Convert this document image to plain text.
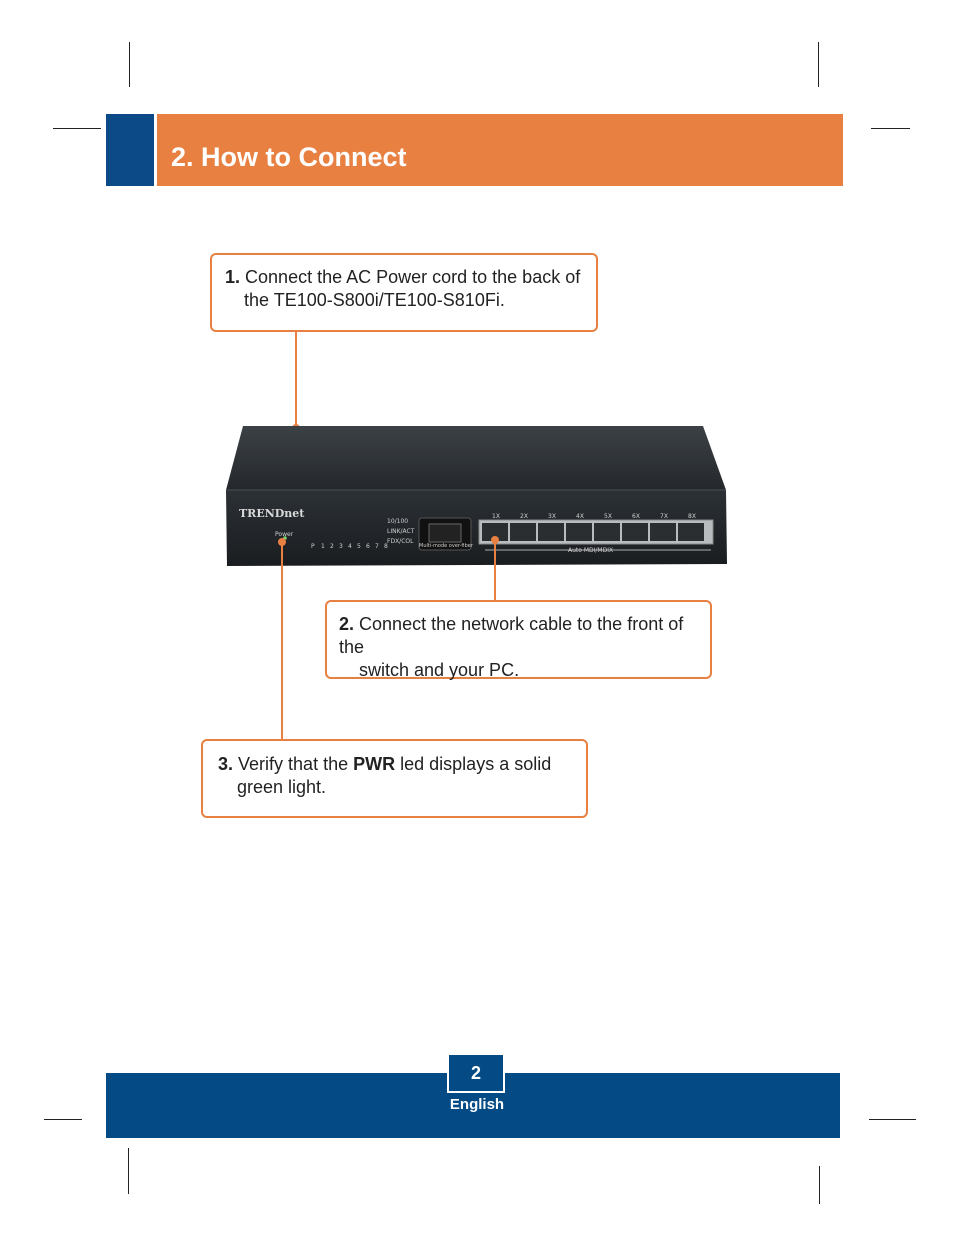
2. How to Connect

1. Connect the AC Power cord to the back of

the TE100-S800i/TE100-S810Fi.

TRENDnet
Power
10/100
LINK/ACT
FDX/COL
P 1 2 3 4 5 6 7 8	Multi-mode over-fiber
1X	2X	3X	4X	5X	6X	7X	8X
Auto MDI/MDIX

2. Connect the network cable to the front of the

switch and your PC.

3. Verify that the PWR led displays a solid

green light.

2
English
